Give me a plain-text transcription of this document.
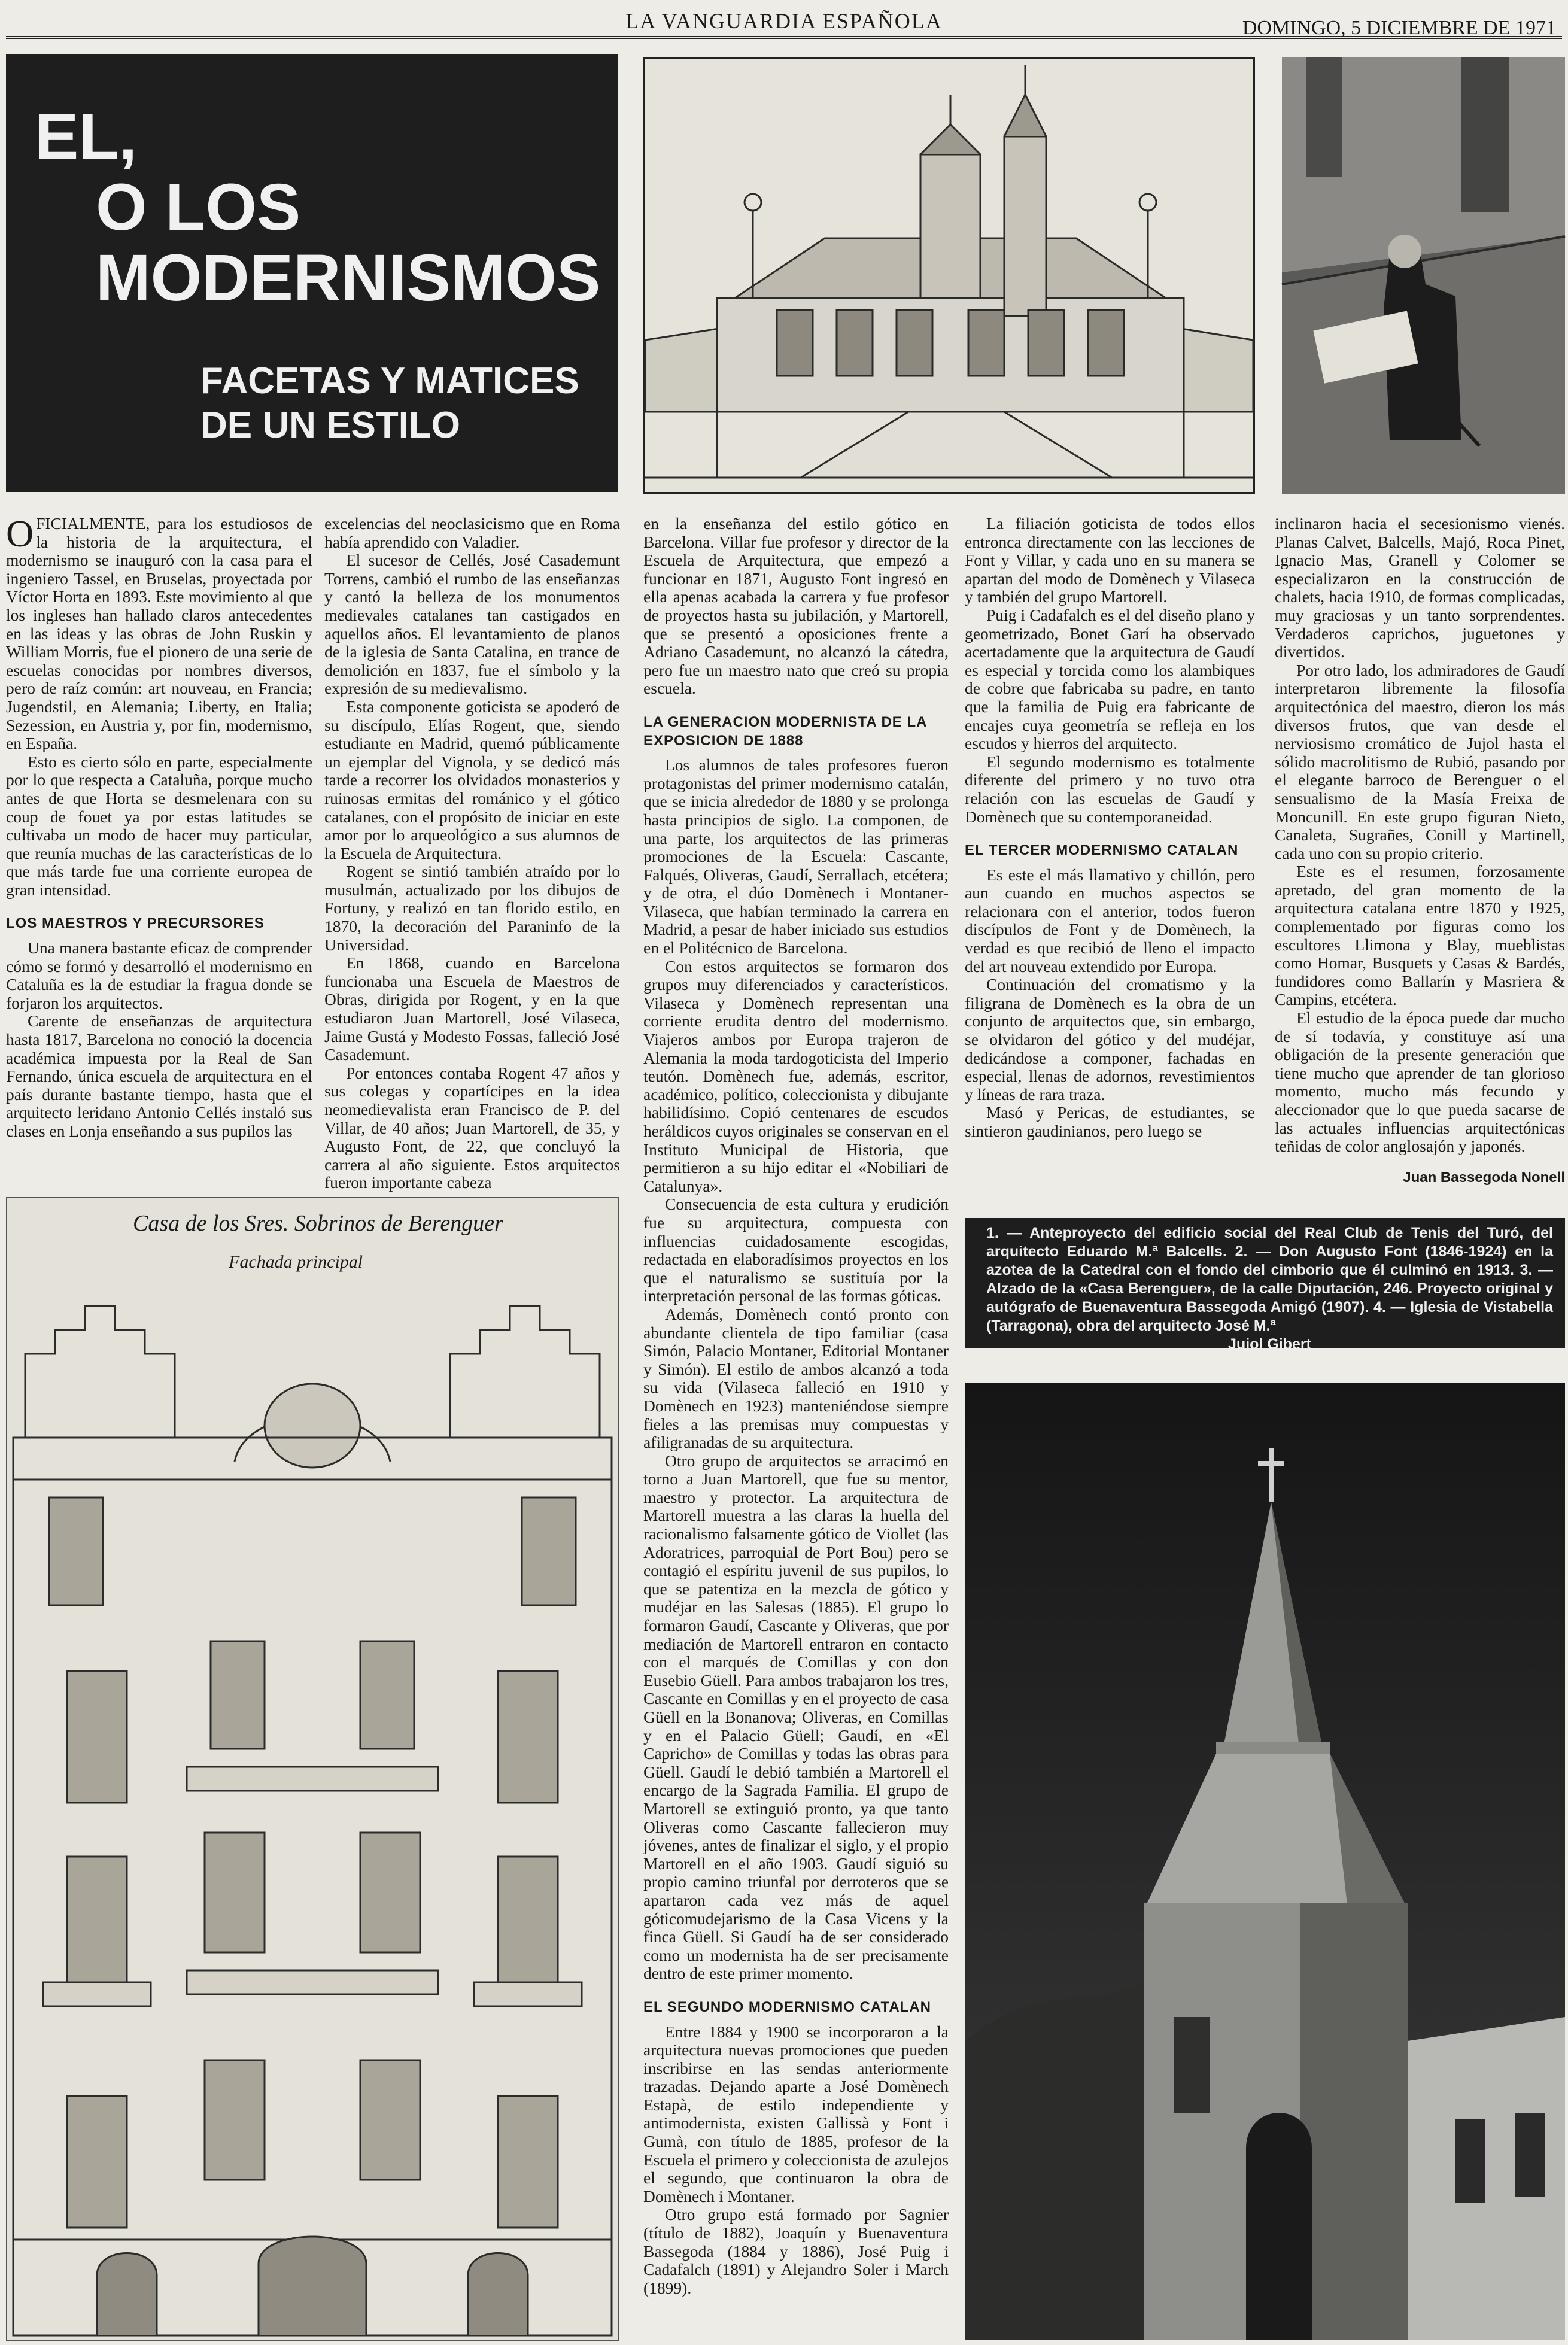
LA VANGUARDIA ESPAÑOLA	DOMINGO, 5 DICIEMBRE DE 1971
EL,
O LOS
MODERNISMOS
FACETAS Y MATICES
DE UN ESTILO

OFICIALMENTE, para los estudiosos de la historia de la arquitectura, el modernismo se inauguró con la casa para el ingeniero Tassel, en Bruselas, proyectada por Víctor Horta en 1893. Este movimiento al que los ingleses han hallado claros antecedentes en las ideas y las obras de John Ruskin y William Morris, fue el pionero de una serie de escuelas conocidas por nombres diversos, pero de raíz común: art nouveau, en Francia; Jugendstil, en Alemania; Liberty, en Italia; Sezession, en Austria y, por fin, modernismo, en España.

Esto es cierto sólo en parte, especialmente por lo que respecta a Cataluña, porque mucho antes de que Horta se desmelenara con su coup de fouet ya por estas latitudes se cultivaba un modo de hacer muy particular, que reunía muchas de las características de lo que más tarde fue una corriente europea de gran intensidad.

LOS MAESTROS Y PRECURSORES

Una manera bastante eficaz de comprender cómo se formó y desarrolló el modernismo en Cataluña es la de estudiar la fragua donde se forjaron los arquitectos.

Carente de enseñanzas de arquitectura hasta 1817, Barcelona no conoció la docencia académica impuesta por la Real de San Fernando, única escuela de arquitectura en el país durante bastante tiempo, hasta que el arquitecto leridano Antonio Cellés instaló sus clases en Lonja enseñando a sus pupilos las

excelencias del neoclasicismo que en Roma había aprendido con Valadier.

El sucesor de Cellés, José Casademunt Torrens, cambió el rumbo de las enseñanzas y cantó la belleza de los monumentos medievales catalanes tan castigados en aquellos años. El levantamiento de planos de la iglesia de Santa Catalina, en trance de demolición en 1837, fue el símbolo y la expresión de su medievalismo.

Esta componente goticista se apoderó de su discípulo, Elías Rogent, que, siendo estudiante en Madrid, quemó públicamente un ejemplar del Vignola, y se dedicó más tarde a recorrer los olvidados monasterios y ruinosas ermitas del románico y el gótico catalanes, con el propósito de iniciar en este amor por lo arqueológico a sus alumnos de la Escuela de Arquitectura.

Rogent se sintió también atraído por lo musulmán, actualizado por los dibujos de Fortuny, y realizó en tan florido estilo, en 1870, la decoración del Paraninfo de la Universidad.

En 1868, cuando en Barcelona funcionaba una Escuela de Maestros de Obras, dirigida por Rogent, y en la que estudiaron Juan Martorell, José Vilaseca, Jaime Gustá y Modesto Fossas, falleció José Casademunt.

Por entonces contaba Rogent 47 años y sus colegas y copartícipes en la idea neomedievalista eran Francisco de P. del Villar, de 40 años; Juan Martorell, de 35, y Augusto Font, de 22, que concluyó la carrera al año siguiente. Estos arquitectos fueron importante cabeza

en la enseñanza del estilo gótico en Barcelona. Villar fue profesor y director de la Escuela de Arquitectura, que empezó a funcionar en 1871, Augusto Font ingresó en ella apenas acabada la carrera y fue profesor de proyectos hasta su jubilación, y Martorell, que se presentó a oposiciones frente a Adriano Casademunt, no alcanzó la cátedra, pero fue un maestro nato que creó su propia escuela.

LA GENERACION MODERNISTA DE LA EXPOSICION DE 1888

Los alumnos de tales profesores fueron protagonistas del primer modernismo catalán, que se inicia alrededor de 1880 y se prolonga hasta principios de siglo. La componen, de una parte, los arquitectos de las primeras promociones de la Escuela: Cascante, Falqués, Oliveras, Gaudí, Serrallach, etcétera; y de otra, el dúo Domènech i Montaner-Vilaseca, que habían terminado la carrera en Madrid, a pesar de haber iniciado sus estudios en el Politécnico de Barcelona.

Con estos arquitectos se formaron dos grupos muy diferenciados y característicos. Vilaseca y Domènech representan una corriente erudita dentro del modernismo. Viajeros ambos por Europa trajeron de Alemania la moda tardogoticista del Imperio teutón. Domènech fue, además, escritor, académico, político, coleccionista y dibujante habilidísimo. Copió centenares de escudos heráldicos cuyos originales se conservan en el Instituto Municipal de Historia, que permitieron a su hijo editar el «Nobiliari de Catalunya».

Consecuencia de esta cultura y erudición fue su arquitectura, compuesta con influencias cuidadosamente escogidas, redactada en elaboradísimos proyectos en los que el naturalismo se sustituía por la interpretación personal de las formas góticas.

Además, Domènech contó pronto con abundante clientela de tipo familiar (casa Simón, Palacio Montaner, Editorial Montaner y Simón). El estilo de ambos alcanzó a toda su vida (Vilaseca falleció en 1910 y Domènech en 1923) manteniéndose siempre fieles a las premisas muy compuestas y afiligranadas de su arquitectura.

Otro grupo de arquitectos se arracimó en torno a Juan Martorell, que fue su mentor, maestro y protector. La arquitectura de Martorell muestra a las claras la huella del racionalismo falsamente gótico de Viollet (las Adoratrices, parroquial de Port Bou) pero se contagió el espíritu juvenil de sus pupilos, lo que se patentiza en la mezcla de gótico y mudéjar en las Salesas (1885). El grupo lo formaron Gaudí, Cascante y Oliveras, que por mediación de Martorell entraron en contacto con el marqués de Comillas y con don Eusebio Güell. Para ambos trabajaron los tres, Cascante en Comillas y en el proyecto de casa Güell en la Bonanova; Oliveras, en Comillas y en el Palacio Güell; Gaudí, en «El Capricho» de Comillas y todas las obras para Güell. Gaudí le debió también a Martorell el encargo de la Sagrada Familia. El grupo de Martorell se extinguió pronto, ya que tanto Oliveras como Cascante fallecieron muy jóvenes, antes de finalizar el siglo, y el propio Martorell en el año 1903. Gaudí siguió su propio camino triunfal por derroteros que se apartaron cada vez más de aquel góticomudejarismo de la Casa Vicens y la finca Güell. Si Gaudí ha de ser considerado como un modernista ha de ser precisamente dentro de este primer momento.

EL SEGUNDO MODERNISMO CATALAN

Entre 1884 y 1900 se incorporaron a la arquitectura nuevas promociones que pueden inscribirse en las sendas anteriormente trazadas. Dejando aparte a José Domènech Estapà, de estilo independiente y antimodernista, existen Gallissà y Font i Gumà, con título de 1885, profesor de la Escuela el primero y coleccionista de azulejos el segundo, que continuaron la obra de Domènech i Montaner.

Otro grupo está formado por Sagnier (título de 1882), Joaquín y Buenaventura Bassegoda (1884 y 1886), José Puig i Cadafalch (1891) y Alejandro Soler i March (1899).

La filiación goticista de todos ellos entronca directamente con las lecciones de Font y Villar, y cada uno en su manera se apartan del modo de Domènech y Vilaseca y también del grupo Martorell.

Puig i Cadafalch es el del diseño plano y geometrizado, Bonet Garí ha observado acertadamente que la arquitectura de Gaudí es especial y torcida como los alambiques de cobre que fabricaba su padre, en tanto que la familia de Puig era fabricante de encajes cuya geometría se refleja en los escudos y hierros del arquitecto.

El segundo modernismo es totalmente diferente del primero y no tuvo otra relación con las escuelas de Gaudí y Domènech que su contemporaneidad.

EL TERCER MODERNISMO CATALAN

Es este el más llamativo y chillón, pero aun cuando en muchos aspectos se relacionara con el anterior, todos fueron discípulos de Font y de Domènech, la verdad es que recibió de lleno el impacto del art nouveau extendido por Europa.

Continuación del cromatismo y la filigrana de Domènech es la obra de un conjunto de arquitectos que, sin embargo, se olvidaron del gótico y del mudéjar, dedicándose a componer, fachadas en especial, llenas de adornos, revestimientos y líneas de rara traza.

Masó y Pericas, de estudiantes, se sintieron gaudinianos, pero luego se

inclinaron hacia el secesionismo vienés. Planas Calvet, Balcells, Majó, Roca Pinet, Ignacio Mas, Granell y Colomer se especializaron en la construcción de chalets, hacia 1910, de formas complicadas, muy graciosas y un tanto sorprendentes. Verdaderos caprichos, juguetones y divertidos.

Por otro lado, los admiradores de Gaudí interpretaron libremente la filosofía arquitectónica del maestro, dieron los más diversos frutos, que van desde el nerviosismo cromático de Jujol hasta el sólido macrolitismo de Rubió, pasando por el elegante barroco de Berenguer o el sensualismo de la Masía Freixa de Moncunill. En este grupo figuran Nieto, Canaleta, Sugrañes, Conill y Martinell, cada uno con su propio criterio.

Este es el resumen, forzosamente apretado, del gran momento de la arquitectura catalana entre 1870 y 1925, complementado por figuras como los escultores Llimona y Blay, mueblistas como Homar, Busquets y Casas & Bardés, fundidores como Ballarín y Masriera & Campins, etcétera.

El estudio de la época puede dar mucho de sí todavía, y constituye así una obligación de la presente generación que tiene mucho que aprender de tan glorioso momento, mucho más fecundo y aleccionador que lo que pueda sacarse de las actuales influencias arquitectónicas teñidas de color anglosajón y japonés.

Juan Bassegoda Nonell

Casa de los Sres. Sobrinos de Berenguer
Fachada principal
1. — Anteproyecto del edificio social del Real Club de Tenis del Turó, del arquitecto Eduardo M.ª Balcells. 2. — Don Augusto Font (1846-1924) en la azotea de la Catedral con el fondo del cimborio que él culminó en 1913. 3. — Alzado de la «Casa Berenguer», de la calle Diputación, 246. Proyecto original y autógrafo de Buenaventura Bassegoda Amigó (1907). 4. — Iglesia de Vistabella (Tarragona), obra del arquitecto José M.ª
Jujol Gibert
